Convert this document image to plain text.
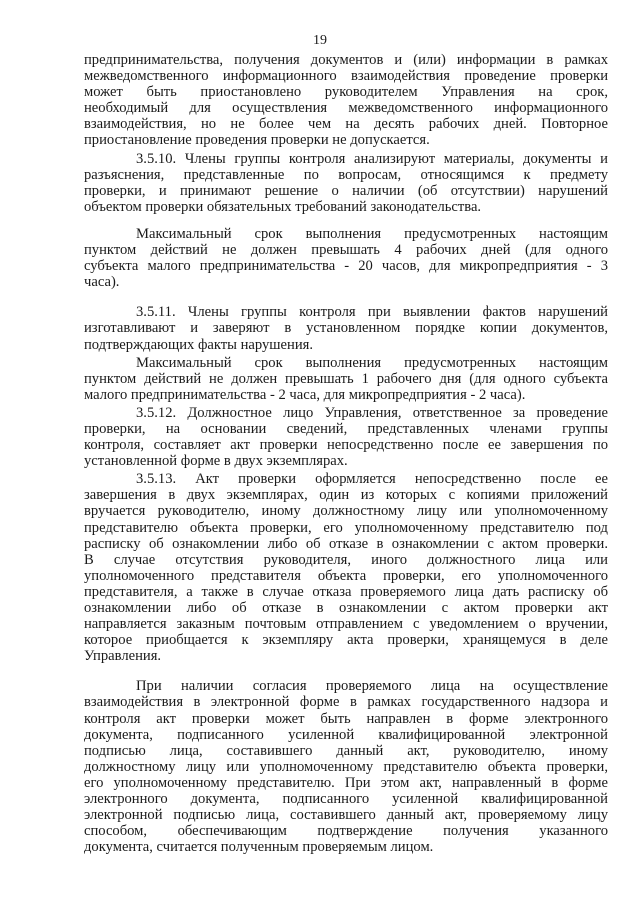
19
предпринимательства, получения документов и (или) информации в рамках
межведомственного информационного взаимодействия проведение проверки
может быть приостановлено руководителем Управления на срок,
необходимый для осуществления межведомственного информационного
взаимодействия, но не более чем на десять рабочих дней. Повторное
приостановление проведения проверки не допускается.
3.5.10. Члены группы контроля анализируют материалы, документы и
разъяснения, представленные по вопросам, относящимся к предмету
проверки, и принимают решение о наличии (об отсутствии) нарушений
объектом проверки обязательных требований законодательства.
Максимальный срок выполнения предусмотренных настоящим
пунктом действий не должен превышать 4 рабочих дней (для одного
субъекта малого предпринимательства - 20 часов, для микропредприятия - 3
часа).
3.5.11. Члены группы контроля при выявлении фактов нарушений
изготавливают и заверяют в установленном порядке копии документов,
подтверждающих факты нарушения.
Максимальный срок выполнения предусмотренных настоящим
пунктом действий не должен превышать 1 рабочего дня (для одного субъекта
малого предпринимательства - 2 часа, для микропредприятия - 2 часа).
3.5.12. Должностное лицо Управления, ответственное за проведение
проверки, на основании сведений, представленных членами группы
контроля, составляет акт проверки непосредственно после ее завершения по
установленной форме в двух экземплярах.
3.5.13. Акт проверки оформляется непосредственно после ее
завершения в двух экземплярах, один из которых с копиями приложений
вручается руководителю, иному должностному лицу или уполномоченному
представителю объекта проверки, его уполномоченному представителю под
расписку об ознакомлении либо об отказе в ознакомлении с актом проверки.
В случае отсутствия руководителя, иного должностного лица или
уполномоченного представителя объекта проверки, его уполномоченного
представителя, а также в случае отказа проверяемого лица дать расписку об
ознакомлении либо об отказе в ознакомлении с актом проверки акт
направляется заказным почтовым отправлением с уведомлением о вручении,
которое приобщается к экземпляру акта проверки, хранящемуся в деле
Управления.
При наличии согласия проверяемого лица на осуществление
взаимодействия в электронной форме в рамках государственного надзора и
контроля акт проверки может быть направлен в форме электронного
документа, подписанного усиленной квалифицированной электронной
подписью лица, составившего данный акт, руководителю, иному
должностному лицу или уполномоченному представителю объекта проверки,
его уполномоченному представителю. При этом акт, направленный в форме
электронного документа, подписанного усиленной квалифицированной
электронной подписью лица, составившего данный акт, проверяемому лицу
способом, обеспечивающим подтверждение получения указанного
документа, считается полученным проверяемым лицом.
